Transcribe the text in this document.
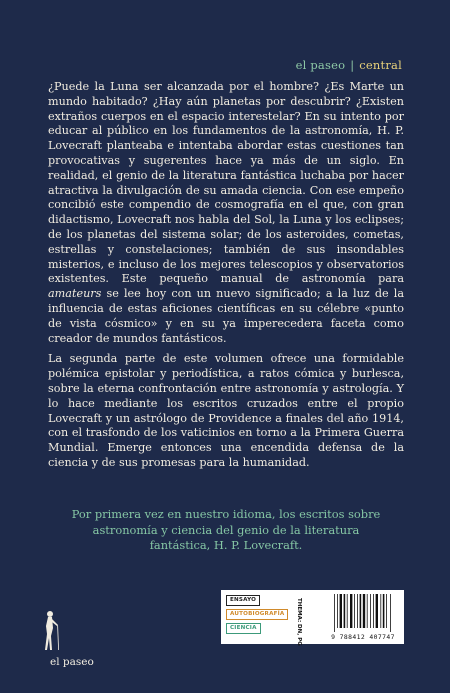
el paseo | central

¿Puede la Luna ser alcanzada por el hombre? ¿Es Marte un mundo habitado? ¿Hay aún planetas por descubrir? ¿Existen extraños cuerpos en el espacio interestelar? En su intento por educar al público en los fundamentos de la astronomía, H. P. Lovecraft planteaba e intentaba abordar estas cuestiones tan provocativas y sugerentes hace ya más de un siglo. En realidad, el genio de la literatura fantástica luchaba por hacer atractiva la divulgación de su amada ciencia. Con ese empeño concibió este compendio de cosmografía en el que, con gran didactismo, Lovecraft nos habla del Sol, la Luna y los eclipses; de los planetas del sistema solar; de los asteroides, cometas, estrellas y constelaciones; también de sus insondables misterios, e incluso de los mejores telescopios y observatorios existentes. Este pequeño manual de astronomía para amateurs se lee hoy con un nuevo significado; a la luz de la influencia de estas aficiones científicas en su célebre «punto de vista cósmico» y en su ya imperecedera faceta como creador de mundos fantásticos.

La segunda parte de este volumen ofrece una formidable polémica epistolar y periodística, a ratos cómica y burlesca, sobre la eterna confrontación entre astronomía y astrología. Y lo hace mediante los escritos cruzados entre el propio Lovecraft y un astrólogo de Providence a finales del año 1914, con el trasfondo de los vaticinios en torno a la Primera Guerra Mundial. Emerge entonces una encendida defensa de la ciencia y de sus promesas para la humanidad.

Por primera vez en nuestro idioma, los escritos sobre astronomía y ciencia del genio de la literatura fantástica, H. P. Lovecraft.
el paseo
ENSAYO
AUTOBIOGRAFÍA
CIENCIA	THEMA: DN, PG	9 788412 407747
